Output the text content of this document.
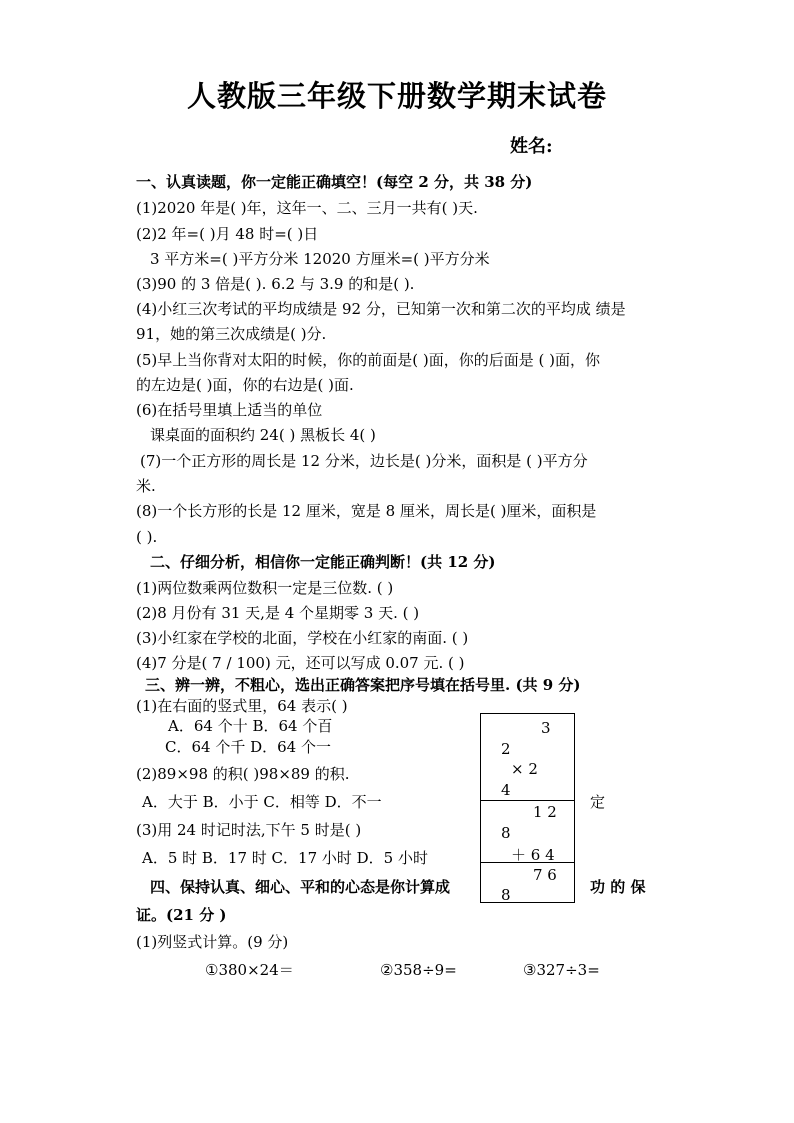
人教版三年级下册数学期末试卷
姓名:
一、认真读题，你一定能正确填空！(每空 2 分，共 38 分)
(1)2020 年是( )年，这年一、二、三月一共有( )天.
(2)2 年=( )月 48 时=( )日
3 平方米=( )平方分米 12020 方厘米=( )平方分米
(3)90 的 3 倍是( ). 6.2 与 3.9 的和是( ).
(4)小红三次考试的平均成绩是 92 分，已知第一次和第二次的平均成 绩是
91，她的第三次成绩是( )分.
(5)早上当你背对太阳的时候，你的前面是( )面，你的后面是 ( )面，你
的左边是( )面，你的右边是( )面.
(6)在括号里填上适当的单位
课桌面的面积约 24( ) 黑板长 4( )
(7)一个正方形的周长是 12 分米，边长是( )分米，面积是 ( )平方分
米.
(8)一个长方形的长是 12 厘米，宽是 8 厘米，周长是( )厘米，面积是
( ).
二、仔细分析，相信你一定能正确判断！(共 12 分)
(1)两位数乘两位数积一定是三位数. ( )
(2)8 月份有 31 天,是 4 个星期零 3 天. ( )
(3)小红家在学校的北面，学校在小红家的南面. ( )
(4)7 分是( 7 / 100) 元，还可以写成 0.07 元. ( )
三、辨一辨，不粗心，选出正确答案把序号填在括号里. (共 9 分)
(1)在右面的竖式里，64 表示( )
A．64 个十 B．64 个百
C．64 个千 D．64 个一
(2)89×98 的积( )98×89 的积.
A．大于 B．小于 C．相等 D．不一	定
(3)用 24 时记时法,下午 5 时是( )
A．5 时 B．17 时 C．17 小时 D．5 小时
3
2
× 2
4
1 2
8
＋ 6 4
7 6
8
四、保持认真、细心、平和的心态是你计算成	功 的 保
证。(21 分 )
(1)列竖式计算。(9 分)
①380×24＝	②358÷9=	③327÷3=
